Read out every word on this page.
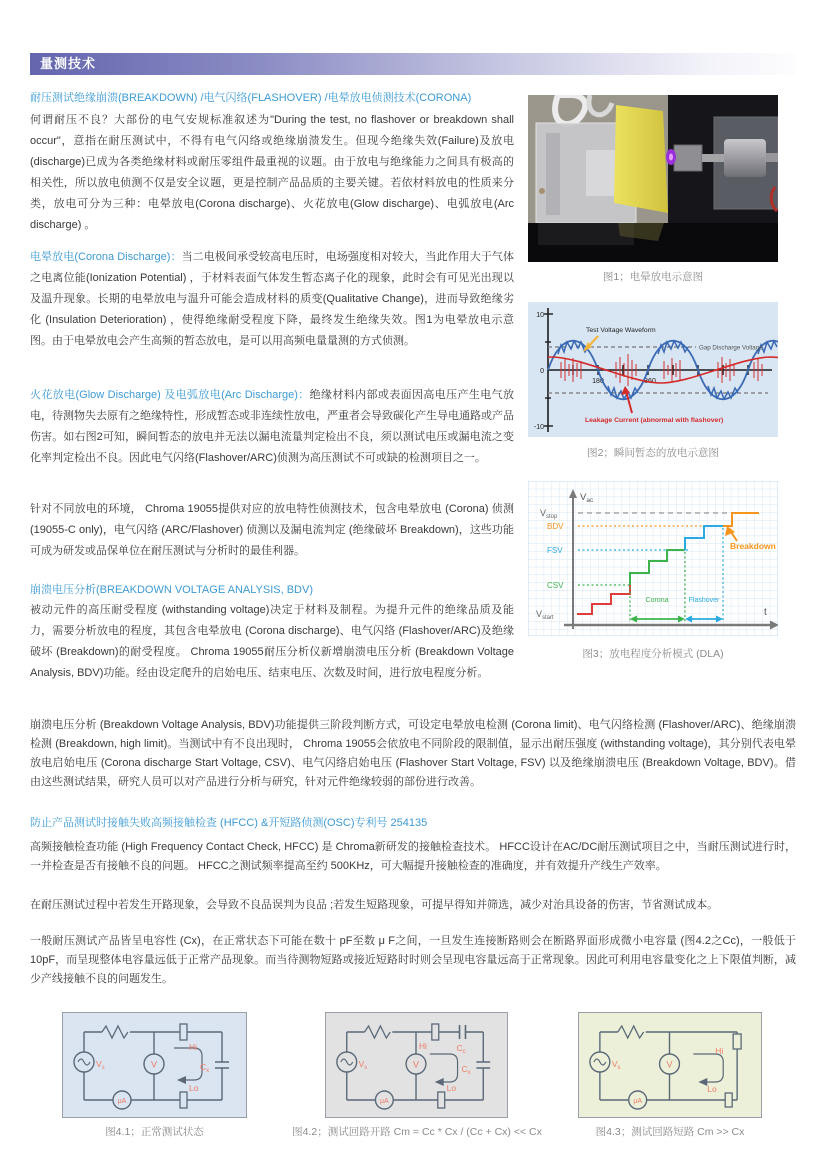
量测技术
耐压测试绝缘崩溃(BREAKDOWN) /电气闪络(FLASHOVER) /电晕放电侦测技术(CORONA)
何谓耐压不良？大部份的电气安规标准叙述为"During the test, no flashover or breakdown shall occur"，意指在耐压测试中，不得有电气闪络或绝缘崩溃发生。但现今绝缘失效(Failure)及放电(discharge)已成为各类绝缘材料或耐压零组件最重视的议题。由于放电与绝缘能力之间具有极高的相关性，所以放电侦测不仅是安全议题，更是控制产品品质的主要关键。若依材料放电的性质来分类，放电可分为三种：电晕放电(Corona discharge)、火花放电(Glow discharge)、电弧放电(Arc discharge) 。
电晕放电(Corona Discharge)：当二电极间承受较高电压时，电场强度相对较大，当此作用大于气体之电离位能(Ionization Potential) ，于材料表面气体发生暂态离子化的现象，此时会有可见光出现以及温升现象。长期的电晕放电与温升可能会造成材料的质变(Qualitative Change)，进而导致绝缘劣化 (Insulation Deterioration) ，使得绝缘耐受程度下降，最终发生绝缘失效。图1为电晕放电示意图。由于电晕放电会产生高频的暂态放电，是可以用高频电量量测的方式侦测。
火花放电(Glow Discharge) 及电弧放电(Arc Discharge)：绝缘材料内部或表面因高电压产生电气放电，待测物失去原有之绝缘特性，形成暂态或非连续性放电，严重者会导致碳化产生导电通路或产品伤害。如右图2可知，瞬间暂态的放电并无法以漏电流量判定检出不良，须以测试电压或漏电流之变化率判定检出不良。因此电气闪络(Flashover/ARC)侦测为高压测试不可或缺的检测项目之一。
针对不同放电的环境， Chroma 19055提供对应的放电特性侦测技术，包含电晕放电 (Corona) 侦测 (19055-C only)，电气闪络 (ARC/Flashover) 侦测以及漏电流判定 (绝缘破坏 Breakdown)，这些功能可成为研发或品保单位在耐压测试与分析时的最佳利器。
崩溃电压分析(BREAKDOWN VOLTAGE ANALYSIS, BDV)
被动元件的高压耐受程度 (withstanding voltage)决定于材料及制程。为提升元件的绝缘品质及能力，需要分析放电的程度，其包含电晕放电 (Corona discharge)、电气闪络 (Flashover/ARC)及绝缘破坏 (Breakdown)的耐受程度。 Chroma 19055耐压分析仪新增崩溃电压分析 (Breakdown Voltage Analysis, BDV)功能。经由设定爬升的启始电压、结束电压、次数及时间，进行放电程度分析。
图1；电晕放电示意图
10
0
-10
180	360
Test Voltage Waveform
Gap Discharge Voltage
Leakage Current (abnormal with flashover)
图2；瞬间暂态的放电示意图
Vac
Vstop
BDV
FSV
CSV
Vstart
Corona	Flashover
Breakdown
t
图3；放电程度分析模式 (DLA)
崩溃电压分析 (Breakdown Voltage Analysis, BDV)功能提供三阶段判断方式，可设定电晕放电检测 (Corona limit)、电气闪络检测 (Flashover/ARC)、绝缘崩溃检测 (Breakdown, high limit)。当测试中有不良出现时， Chroma 19055会依放电不同阶段的限制值，显示出耐压强度 (withstanding voltage)，其分别代表电晕放电启始电压 (Corona discharge Start Voltage, CSV)、电气闪络启始电压 (Flashover Start Voltage, FSV) 以及绝缘崩溃电压 (Breakdown Voltage, BDV)。借由这些测试结果，研究人员可以对产品进行分析与研究，针对元件绝缘较弱的部份进行改善。
防止产品测试时接触失败高频接触检查 (HFCC) &开短路侦测(OSC)专利号 254135
高频接触检查功能 (High Frequency Contact Check, HFCC) 是 Chroma新研发的接触检查技术。 HFCC设计在AC/DC耐压测试项目之中，当耐压测试进行时，一并检查是否有接触不良的问题。 HFCC之测试频率提高至约 500KHz，可大幅提升接触检查的准确度，并有效提升产线生产效率。
在耐压测试过程中若发生开路现象，会导致不良品误判为良品 ;若发生短路现象，可提早得知并筛选，减少对治具设备的伤害，节省测试成本。
一般耐压测试产品皆呈电容性 (Cx)，在正常状态下可能在数十 pF至数 μ F之间，一旦发生连接断路则会在断路界面形成微小电容量 (图4.2之Cc)，一般低于 10pF，而呈现整体电容量远低于正常产品现象。而当待测物短路或接近短路时时则会呈现电容量远高于正常现象。因此可利用电容量变化之上下限值判断，减少产线接触不良的问题发生。
V
μA
Vs
Hi
Lo
Cx
V
μA
Vs
Hi
Lo
Cc
Cx
V
μA
Vs
Hi
Lo
图4.1；正常测试状态	图4.2；测试回路开路 Cm = Cc * Cx / (Cc + Cx) << Cx	图4.3；测试回路短路 Cm >> Cx
